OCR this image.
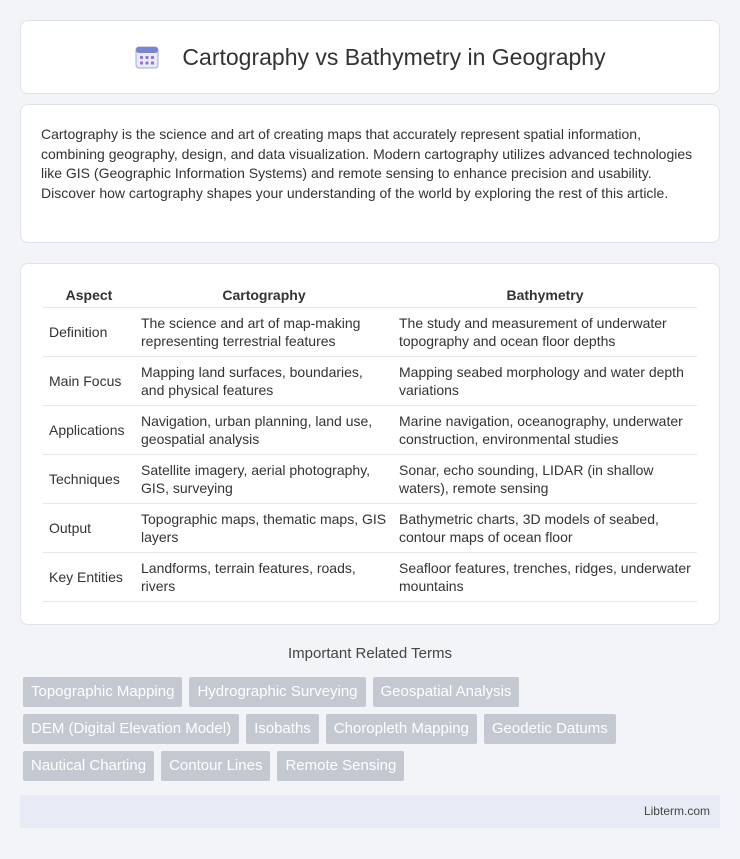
Cartography vs Bathymetry in Geography

Cartography is the science and art of creating maps that accurately represent spatial information, combining geography, design, and data visualization. Modern cartography utilizes advanced technologies like GIS (Geographic Information Systems) and remote sensing to enhance precision and usability. Discover how cartography shapes your understanding of the world by exploring the rest of this article.

Aspect	Cartography	Bathymetry
Definition	The science and art of map-making representing terrestrial features	The study and measurement of underwater topography and ocean floor depths
Main Focus	Mapping land surfaces, boundaries, and physical features	Mapping seabed morphology and water depth variations
Applications	Navigation, urban planning, land use, geospatial analysis	Marine navigation, oceanography, underwater construction, environmental studies
Techniques	Satellite imagery, aerial photography, GIS, surveying	Sonar, echo sounding, LIDAR (in shallow waters), remote sensing
Output	Topographic maps, thematic maps, GIS layers	Bathymetric charts, 3D models of seabed, contour maps of ocean floor
Key Entities	Landforms, terrain features, roads, rivers	Seafloor features, trenches, ridges, underwater mountains
Important Related Terms
Topographic Mapping	Hydrographic Surveying	Geospatial Analysis
DEM (Digital Elevation Model)	Isobaths	Choropleth Mapping	Geodetic Datums
Nautical Charting	Contour Lines	Remote Sensing
Libterm.com
